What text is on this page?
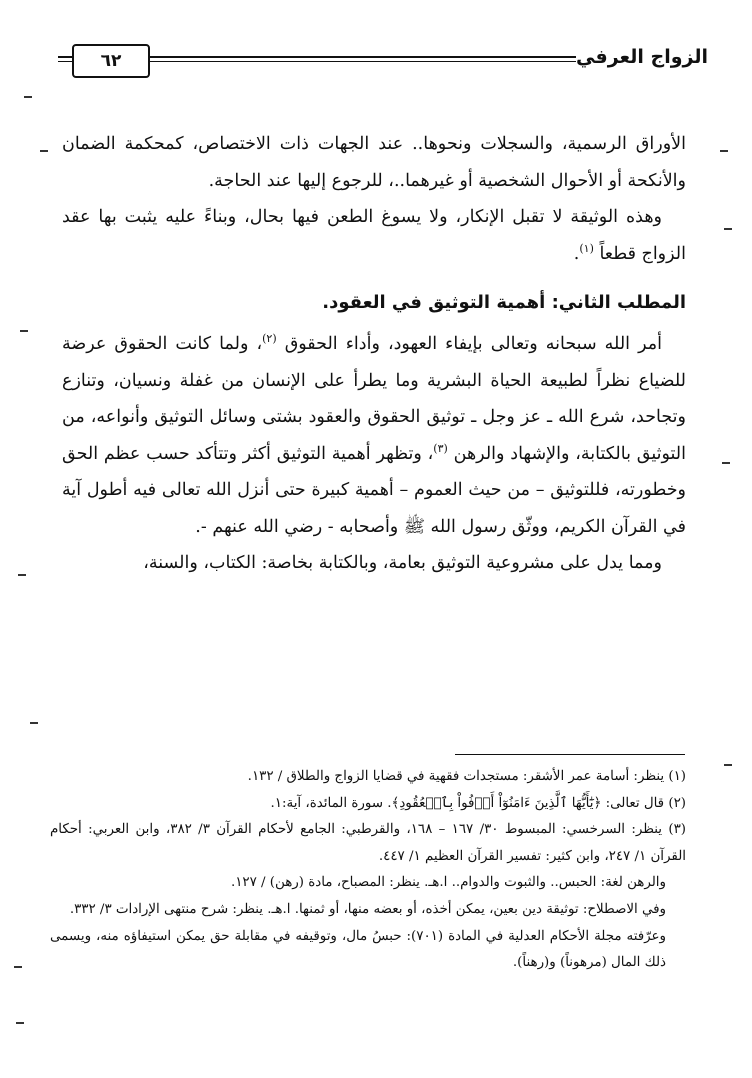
الزواج العرفي
٦٢

الأوراق الرسمية، والسجلات ونحوها.. عند الجهات ذات الاختصاص، كمحكمة الضمان والأنكحة أو الأحوال الشخصية أو غيرهما..، للرجوع إليها عند الحاجة.

وهذه الوثيقة لا تقبل الإنكار، ولا يسوغ الطعن فيها بحال، وبناءً عليه يثبت بها عقد الزواج قطعاً $^{(١)}$.

المطلب الثاني: أهمية التوثيق في العقود.

أمر الله سبحانه وتعالى بإيفاء العهود، وأداء الحقوق $^{(٢)}$، ولما كانت الحقوق عرضة للضياع نظراً لطبيعة الحياة البشرية وما يطرأ على الإنسان من غفلة ونسيان، وتنازع وتجاحد، شرع الله ـ عز وجل ـ توثيق الحقوق والعقود بشتى وسائل التوثيق وأنواعه، من التوثيق بالكتابة، والإشهاد والرهن $^{(٣)}$، وتظهر أهمية التوثيق أكثر وتتأكد حسب عظم الحق وخطورته، فللتوثيق – من حيث العموم – أهمية كبيرة حتى أنزل الله تعالى فيه أطول آية في القرآن الكريم، ووثّق رسول الله ﷺ وأصحابه - رضي الله عنهم -.

ومما يدل على مشروعية التوثيق بعامة، وبالكتابة بخاصة: الكتاب، والسنة،

(١) ينظر: أسامة عمر الأشقر: مستجدات فقهية في قضايا الزواج والطلاق / ١٣٢.

(٢) قال تعالى: ﴿يَٰٓأَيُّهَا ٱلَّذِينَ ءَامَنُوٓاْ أَوۡفُواْ بِٱلۡعُقُودِ﴾. سورة المائدة، آية:١.

(٣) ينظر: السرخسي: المبسوط ٣٠/ ١٦٧ – ١٦٨، والقرطبي: الجامع لأحكام القرآن ٣/ ٣٨٢، وابن العربي: أحكام القرآن ١/ ٢٤٧، وابن كثير: تفسير القرآن العظيم ١/ ٤٤٧.

والرهن لغة: الحبس.. والثبوت والدوام.. ا.هـ. ينظر: المصباح، مادة (رهن) / ١٢٧.

وفي الاصطلاح: توثيقة دين بعين، يمكن أخذه، أو بعضه منها، أو ثمنها. ا.هـ. ينظر: شرح منتهى الإرادات ٣/ ٣٣٢.

وعرّفته مجلة الأحكام العدلية في المادة (٧٠١): حبسُ مال، وتوقيفه في مقابلة حق يمكن استيفاؤه منه، ويسمى ذلك المال (مرهوناً) و(رهناً).
